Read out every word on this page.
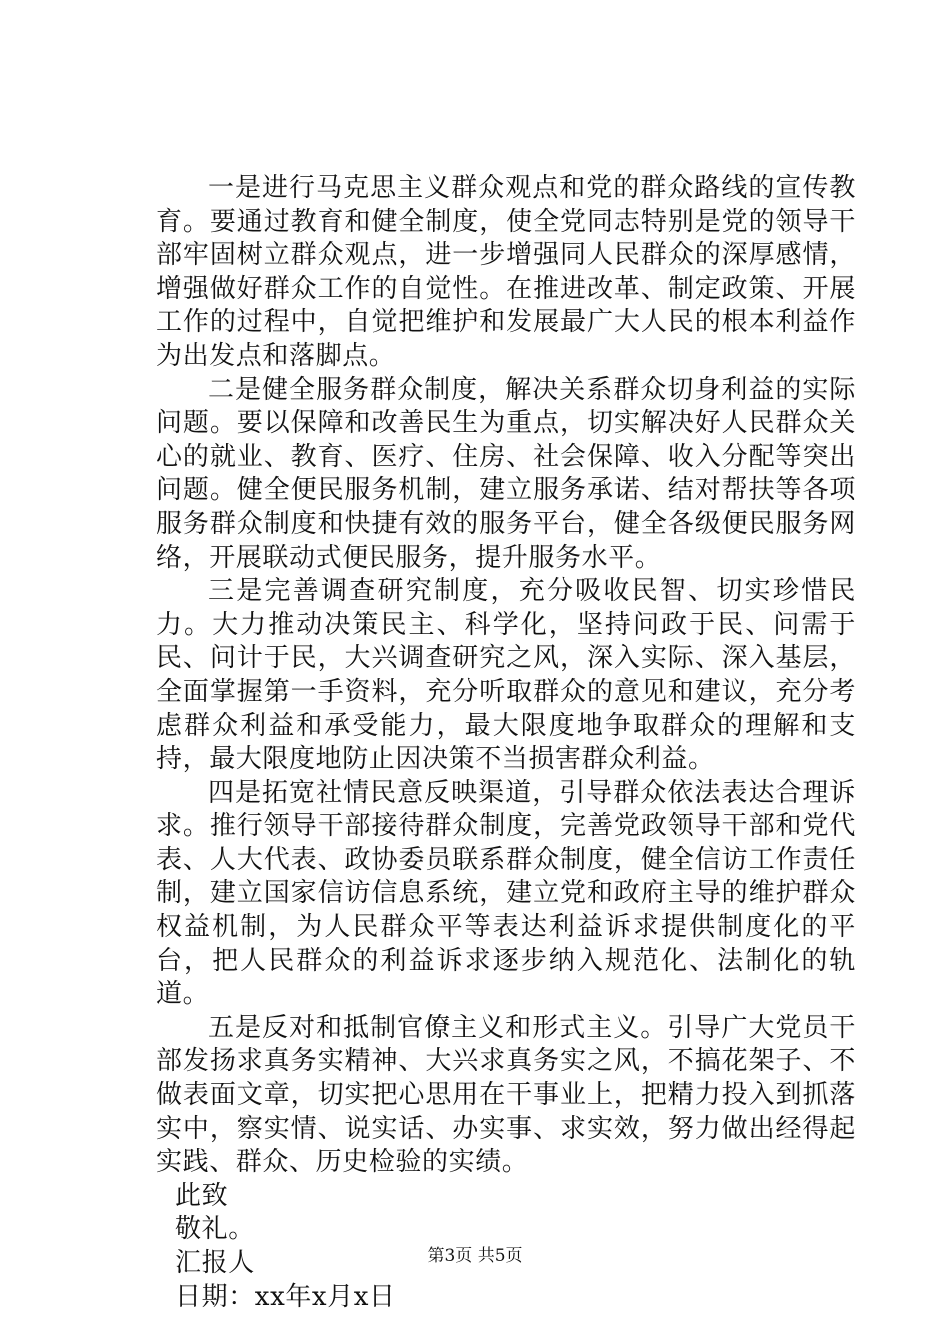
一是进行马克思主义群众观点和党的群众路线的宣传教育。要通过教育和健全制度，使全党同志特别是党的领导干部牢固树立群众观点，进一步增强同人民群众的深厚感情，增强做好群众工作的自觉性。在推进改革、制定政策、开展工作的过程中，自觉把维护和发展最广大人民的根本利益作为出发点和落脚点。

二是健全服务群众制度，解决关系群众切身利益的实际问题。要以保障和改善民生为重点，切实解决好人民群众关心的就业、教育、医疗、住房、社会保障、收入分配等突出问题。健全便民服务机制，建立服务承诺、结对帮扶等各项服务群众制度和快捷有效的服务平台，健全各级便民服务网络，开展联动式便民服务，提升服务水平。

三是完善调查研究制度，充分吸收民智、切实珍惜民力。大力推动决策民主、科学化，坚持问政于民、问需于民、问计于民，大兴调查研究之风，深入实际、深入基层，全面掌握第一手资料，充分听取群众的意见和建议，充分考虑群众利益和承受能力，最大限度地争取群众的理解和支持，最大限度地防止因决策不当损害群众利益。

四是拓宽社情民意反映渠道，引导群众依法表达合理诉求。推行领导干部接待群众制度，完善党政领导干部和党代表、人大代表、政协委员联系群众制度，健全信访工作责任制，建立国家信访信息系统，建立党和政府主导的维护群众权益机制，为人民群众平等表达利益诉求提供制度化的平台，把人民群众的利益诉求逐步纳入规范化、法制化的轨道。

五是反对和抵制官僚主义和形式主义。引导广大党员干部发扬求真务实精神、大兴求真务实之风，不搞花架子、不做表面文章，切实把心思用在干事业上，把精力投入到抓落实中，察实情、说实话、办实事、求实效，努力做出经得起实践、群众、历史检验的实绩。

此致

敬礼。

汇报人

日期：xx年x月x日

第3页 共5页
